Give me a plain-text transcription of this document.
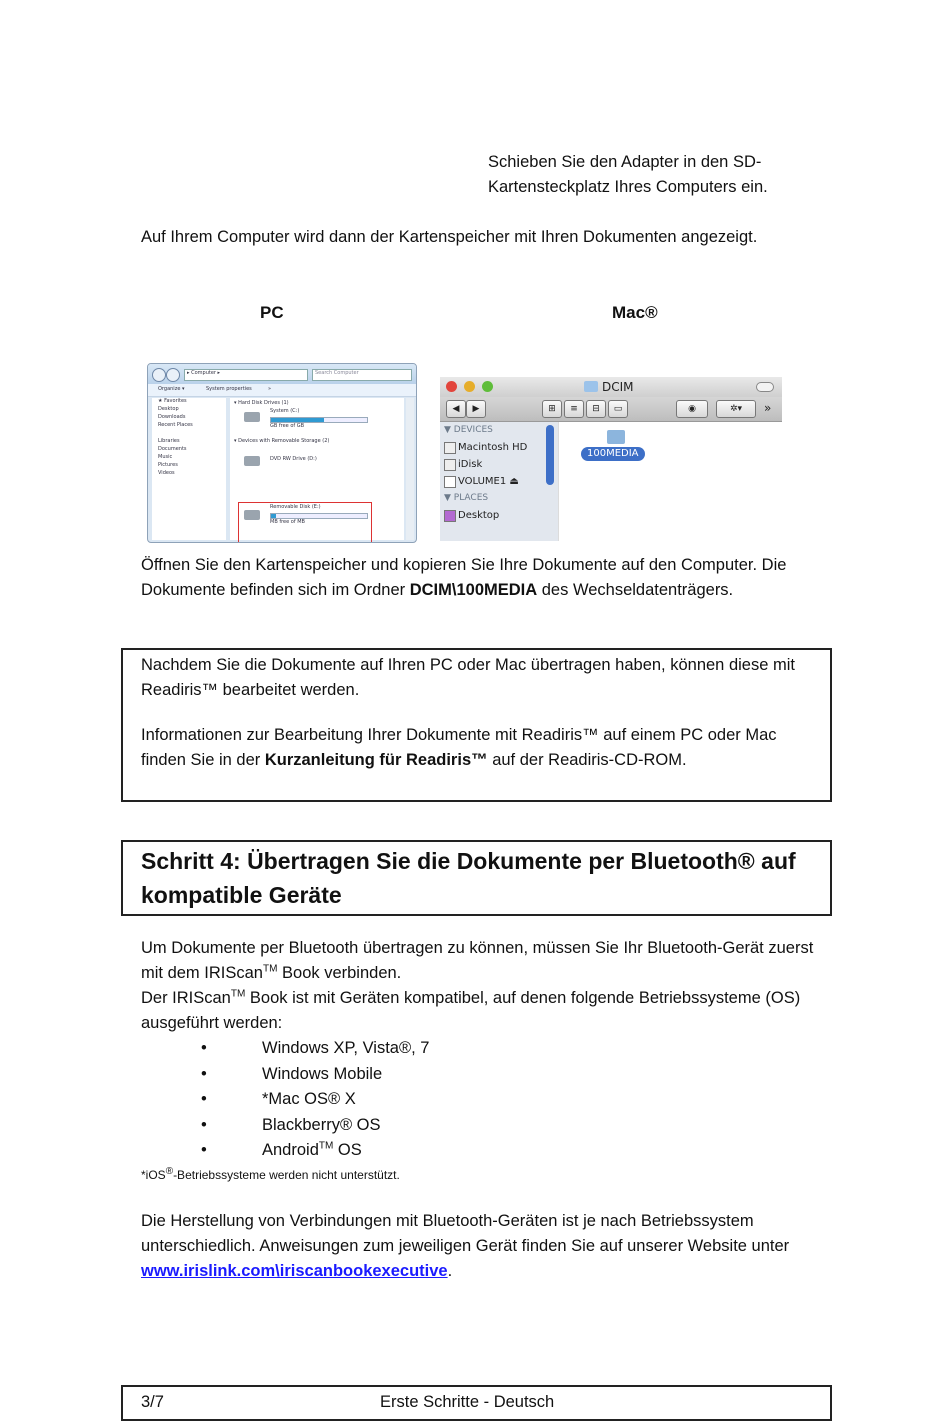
Schieben Sie den Adapter in den SD-Kartensteckplatz Ihres Computers ein.

Auf Ihrem Computer wird dann der Kartenspeicher mit Ihren Dokumenten angezeigt.

PC	Mac®
▸ Computer ▸	Search Computer
Organize ▾	System properties	»
★ Favorites
Desktop
Downloads
Recent Places
Libraries
Documents
Music
Pictures
Videos
▾ Hard Disk Drives (1)
System (C:)
GB free of GB
▾ Devices with Removable Storage (2)
DVD RW Drive (D:)
Removable Disk (E:)
MB free of MB
DCIM
◀	▶	⊞	≡	⊟	▭	◉	✲▾	»
▼ DEVICES
Macintosh HD
iDisk
VOLUME1 ⏏
▼ PLACES
Desktop
100MEDIA

Öffnen Sie den Kartenspeicher und kopieren Sie Ihre Dokumente auf den Computer. Die Dokumente befinden sich im Ordner DCIM\100MEDIA des Wechseldatenträgers.

Nachdem Sie die Dokumente auf Ihren PC oder Mac übertragen haben, können diese mit Readiris™ bearbeitet werden.

Informationen zur Bearbeitung Ihrer Dokumente mit Readiris™ auf einem PC oder Mac finden Sie in der Kurzanleitung für Readiris™ auf der Readiris-CD-ROM.

Schritt 4: Übertragen Sie die Dokumente per Bluetooth® auf kompatible Geräte

Um Dokumente per Bluetooth übertragen zu können, müssen Sie Ihr Bluetooth-Gerät zuerst mit dem IRIScan™ Book verbinden.
Der IRIScan™ Book ist mit Geräten kompatibel, auf denen folgende Betriebssysteme (OS) ausgeführt werden:

• Windows XP, Vista®, 7
• Windows Mobile
• *Mac OS® X
• Blackberry® OS
• Android™ OS

*iOS®-Betriebssysteme werden nicht unterstützt.

Die Herstellung von Verbindungen mit Bluetooth-Geräten ist je nach Betriebssystem unterschiedlich. Anweisungen zum jeweiligen Gerät finden Sie auf unserer Website unter www.irislink.com\iriscanbookexecutive.

3/7	Erste Schritte - Deutsch
